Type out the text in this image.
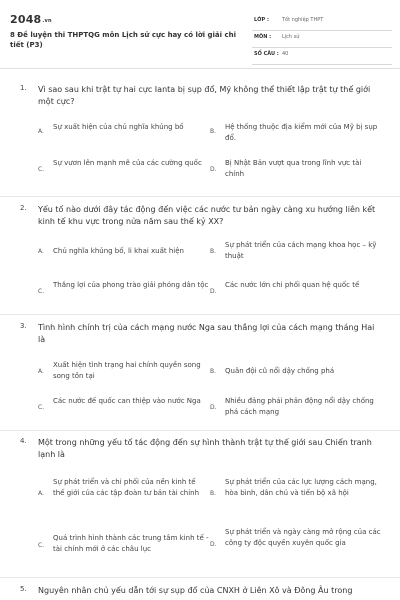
2048.vn
8 Đề luyện thi THPTQG môn Lịch sử cực hay có lời giải chi tiết (P3)
LỚP :	Tốt nghiệp THPT
MÔN : Lịch sử
SỐ CÂU : 40
1. Vì sao sau khi trật tự hai cực Ianta bị sụp đổ, Mỹ không thể thiết lập trật tự thế giới một cực?
A.
Sự xuất hiện của chủ nghĩa khủng bố
B.
Hệ thống thuộc địa kiểm mới của Mỹ bị sụp đổ.
C.
Sự vươn lên mạnh mẽ của các cường quốc
D.
Bị Nhật Bản vượt qua trong lĩnh vực tài chính
2. Yếu tố nào dưới đây tác động đến việc các nước tư bản ngày càng xu hướng liên kết kinh tế khu vực trong nửa năm sau thế kỷ XX?
A. Chủ nghĩa khủng bố, li khai xuất hiện	B.
Sự phát triển của cách mạng khoa học – kỹ thuật
C.
Thắng lợi của phong trào giải phóng dân tộc
D.
Các nước lớn chi phối quan hệ quốc tế
3. Tình hình chính trị của cách mạng nước Nga sau thắng lợi của cách mạng tháng Hai là
A.
Xuất hiện tình trạng hai chính quyền song song tồn tại
B. Quân đội cũ nổi dậy chống phá
C.
Các nước đế quốc can thiệp vào nước Nga
D.
Nhiều đảng phái phản động nổi dậy chống phá cách mạng
4. Một trong những yếu tố tác động đến sự hình thành trật tự thế giới sau Chiến tranh lạnh là
A.
Sự phát triển và chi phối của nền kinh tế thế giới của các tập đoàn tư bản tài chính	B.
Sự phát triển của các lực lượng cách mạng, hòa bình, dân chủ và tiến bộ xã hội
C.
Quá trình hình thành các trung tâm kinh tế - tài chính mới ở các châu lục
D.
Sự phát triển và ngày càng mở rộng của các công ty độc quyền xuyên quốc gia
5. Nguyên nhân chủ yếu dẫn tới sự sụp đổ của CNXH ở Liên Xô và Đông Âu trong
